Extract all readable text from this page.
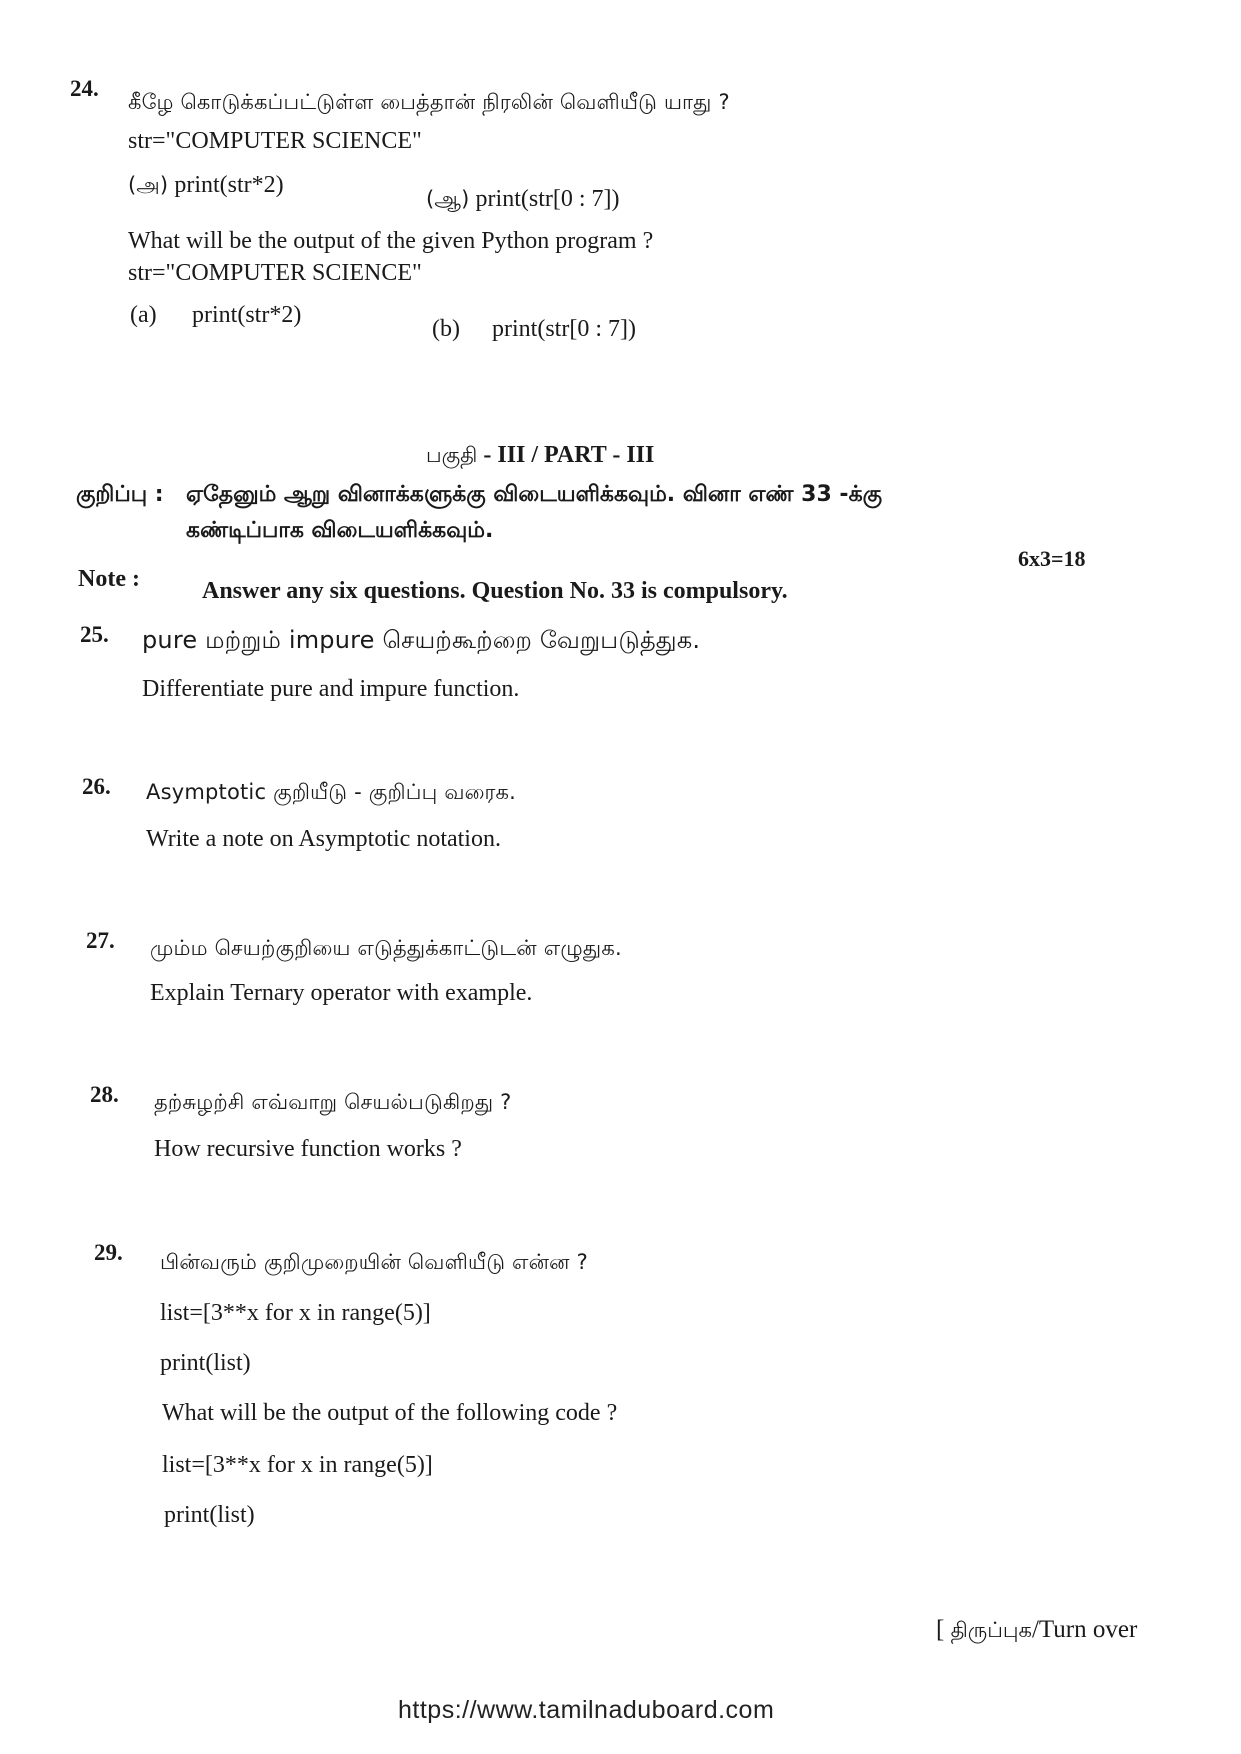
24.
கீழே கொடுக்கப்பட்டுள்ள பைத்தான் நிரலின் வெளியீடு யாது ?
str="COMPUTER SCIENCE"
(அ) print(str*2)
(ஆ) print(str[0 : 7])
What will be the output of the given Python program ?
str="COMPUTER SCIENCE"
(a) print(str*2)
(b) print(str[0 : 7])
பகுதி - III / PART - III
குறிப்பு : ஏதேனும் ஆறு வினாக்களுக்கு விடையளிக்கவும். வினா எண் 33 -க்கு
கண்டிப்பாக விடையளிக்கவும்.
6x3=18
Note :	Answer any six questions. Question No. 33 is compulsory.
25. pure மற்றும் impure செயற்கூற்றை வேறுபடுத்துக.
Differentiate pure and impure function.
26. Asymptotic குறியீடு - குறிப்பு வரைக.
Write a note on Asymptotic notation.
27. மும்ம செயற்குறியை எடுத்துக்காட்டுடன் எழுதுக.
Explain Ternary operator with example.
28. தற்சுழற்சி எவ்வாறு செயல்படுகிறது ?
How recursive function works ?
29. பின்வரும் குறிமுறையின் வெளியீடு என்ன ?
list=[3**x for x in range(5)]
print(list)
What will be the output of the following code ?
list=[3**x for x in range(5)]
print(list)
[ திருப்புக/Turn over
https://www.tamilnaduboard.com
